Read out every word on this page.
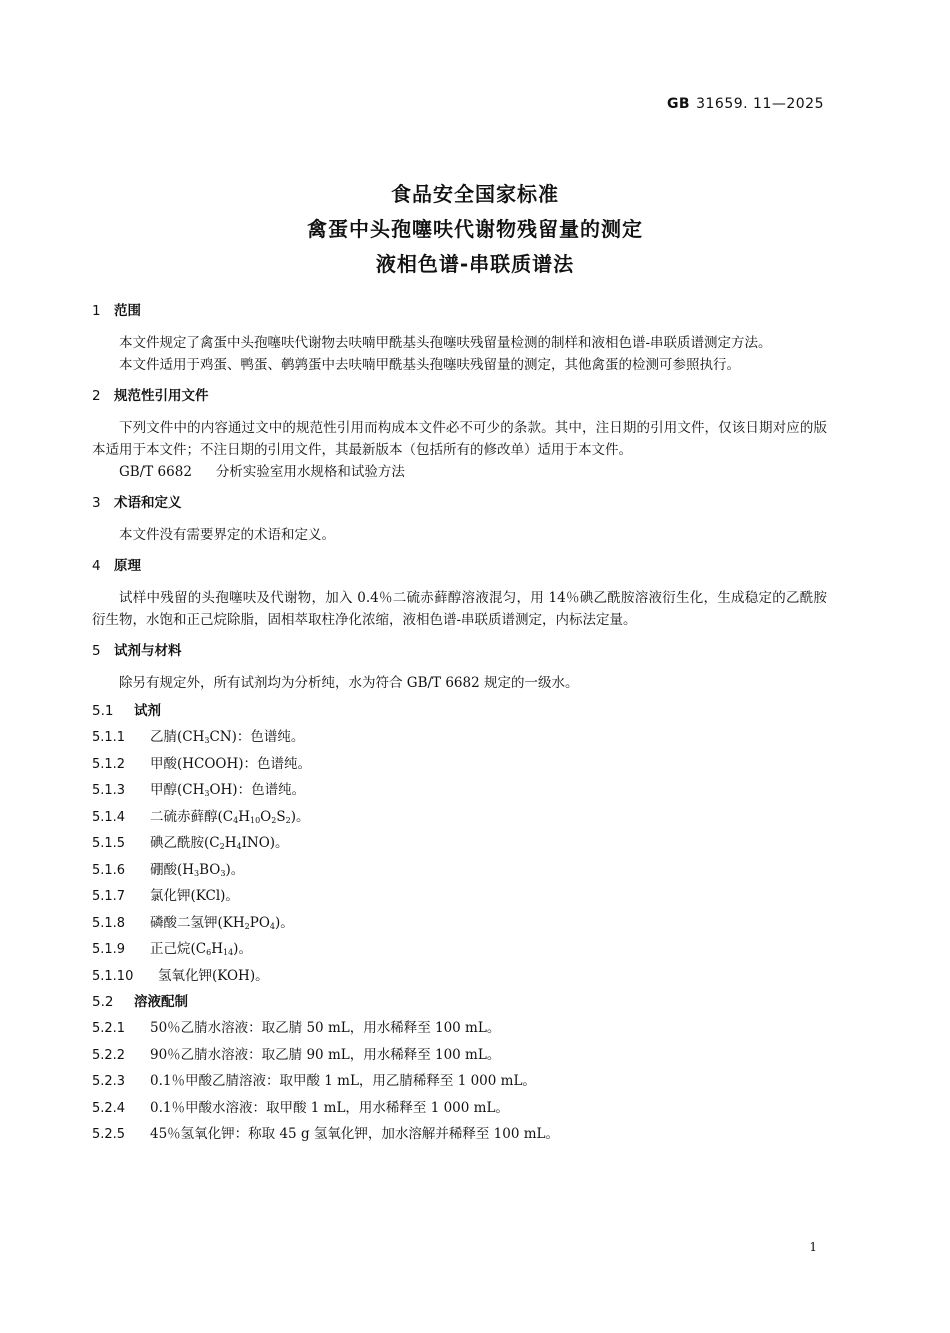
GB 31659. 11—2025
食品安全国家标准
禽蛋中头孢噻呋代谢物残留量的测定
液相色谱-串联质谱法
1 范围

本文件规定了禽蛋中头孢噻呋代谢物去呋喃甲酰基头孢噻呋残留量检测的制样和液相色谱-串联质谱测定方法。

本文件适用于鸡蛋、鸭蛋、鹌鹑蛋中去呋喃甲酰基头孢噻呋残留量的测定，其他禽蛋的检测可参照执行。

2 规范性引用文件

下列文件中的内容通过文中的规范性引用而构成本文件必不可少的条款。其中，注日期的引用文件，仅该日期对应的版本适用于本文件；不注日期的引用文件，其最新版本（包括所有的修改单）适用于本文件。

GB/T 6682 分析实验室用水规格和试验方法
3 术语和定义

本文件没有需要界定的术语和定义。

4 原理

试样中残留的头孢噻呋及代谢物，加入 0.4％二硫赤藓醇溶液混匀，用 14％碘乙酰胺溶液衍生化，生成稳定的乙酰胺衍生物，水饱和正己烷除脂，固相萃取柱净化浓缩，液相色谱-串联质谱测定，内标法定量。

5 试剂与材料

除另有规定外，所有试剂均为分析纯，水为符合 GB/T 6682 规定的一级水。

5.1 试剂
5.1.1 乙腈$(CH_3CN)$：色谱纯。
5.1.2 甲酸(HCOOH)：色谱纯。
5.1.3 甲醇$(CH_3OH)$：色谱纯。
5.1.4 二硫赤藓醇$(C_4H_{10}O_2S_2)$。
5.1.5 碘乙酰胺$(C_2H_4INO)$。
5.1.6 硼酸$(H_3BO_3)$。
5.1.7 氯化钾(KCl)。
5.1.8 磷酸二氢钾$(KH_2PO_4)$。
5.1.9 正己烷$(C_6H_{14})$。
5.1.10 氢氧化钾(KOH)。
5.2 溶液配制
5.2.1 50％乙腈水溶液：取乙腈 50 mL，用水稀释至 100 mL。
5.2.2 90％乙腈水溶液：取乙腈 90 mL，用水稀释至 100 mL。
5.2.3 0.1％甲酸乙腈溶液：取甲酸 1 mL，用乙腈稀释至 1 000 mL。
5.2.4 0.1％甲酸水溶液：取甲酸 1 mL，用水稀释至 1 000 mL。
5.2.5 45％氢氧化钾：称取 45 g 氢氧化钾，加水溶解并稀释至 100 mL。
1
